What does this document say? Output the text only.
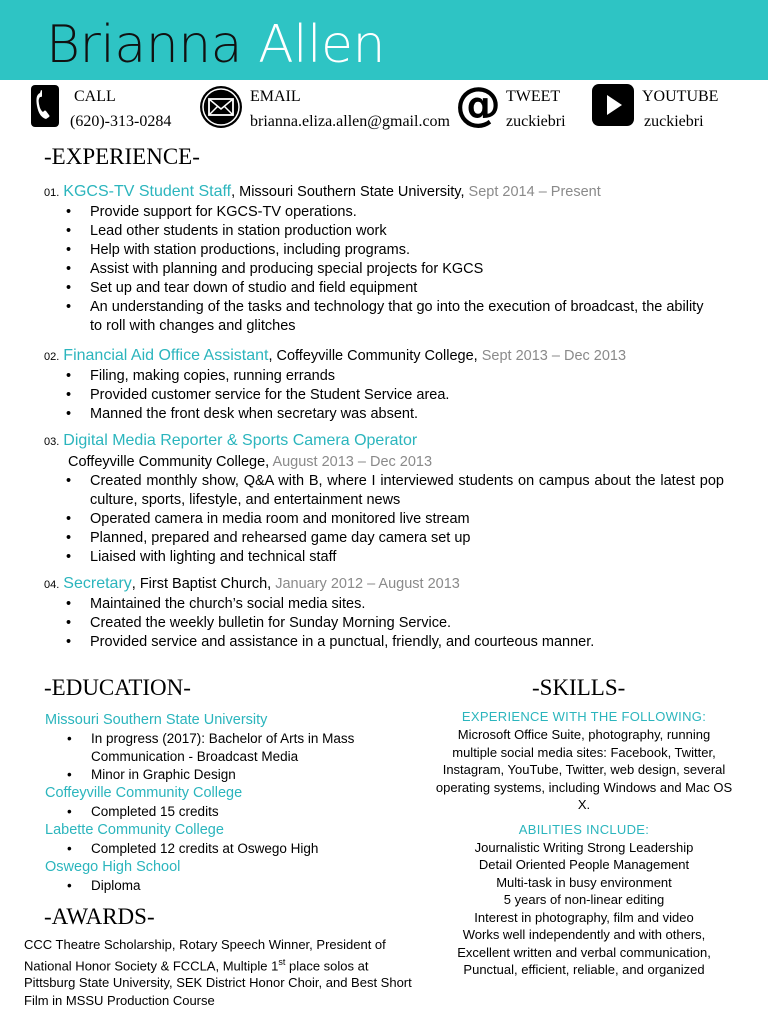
Brianna Allen
CALL
(620)-313-0284
EMAIL
brianna.eliza.allen@gmail.com @ TWEET
zuckiebri
YOUTUBE
zuckiebri
-EXPERIENCE-
01. KGCS-TV Student Staff, Missouri Southern State University, Sept 2014 – Present
• Provide support for KGCS-TV operations.
• Lead other students in station production work
• Help with station productions, including programs.
• Assist with planning and producing special projects for KGCS
• Set up and tear down of studio and field equipment
• An understanding of the tasks and technology that go into the execution of broadcast, the ability to roll with changes and glitches
02. Financial Aid Office Assistant, Coffeyville Community College, Sept 2013 – Dec 2013
• Filing, making copies, running errands
• Provided customer service for the Student Service area.
• Manned the front desk when secretary was absent.
03. Digital Media Reporter & Sports Camera Operator
Coffeyville Community College, August 2013 – Dec 2013
• Created monthly show, Q&A with B, where I interviewed students on campus about the latest pop culture, sports, lifestyle, and entertainment news
• Operated camera in media room and monitored live stream
• Planned, prepared and rehearsed game day camera set up
• Liaised with lighting and technical staff
04. Secretary, First Baptist Church, January 2012 – August 2013
• Maintained the church’s social media sites.
• Created the weekly bulletin for Sunday Morning Service.
• Provided service and assistance in a punctual, friendly, and courteous manner.
-EDUCATION-
Missouri Southern State University
• In progress (2017): Bachelor of Arts in Mass Communication - Broadcast Media
• Minor in Graphic Design
Coffeyville Community College
• Completed 15 credits
Labette Community College
• Completed 12 credits at Oswego High
Oswego High School
• Diploma
-AWARDS-
CCC Theatre Scholarship, Rotary Speech Winner, President of National Honor Society & FCCLA, Multiple 1st place solos at Pittsburg State University, SEK District Honor Choir, and Best Short Film in MSSU Production Course
-SKILLS-
EXPERIENCE WITH THE FOLLOWING:
Microsoft Office Suite, photography, running multiple social media sites: Facebook, Twitter, Instagram, YouTube, Twitter, web design, several operating systems, including Windows and Mac OS X.
ABILITIES INCLUDE:
Journalistic Writing Strong Leadership
Detail Oriented People Management
Multi-task in busy environment
5 years of non-linear editing
Interest in photography, film and video
Works well independently and with others,
Excellent written and verbal communication,
Punctual, efficient, reliable, and organized
